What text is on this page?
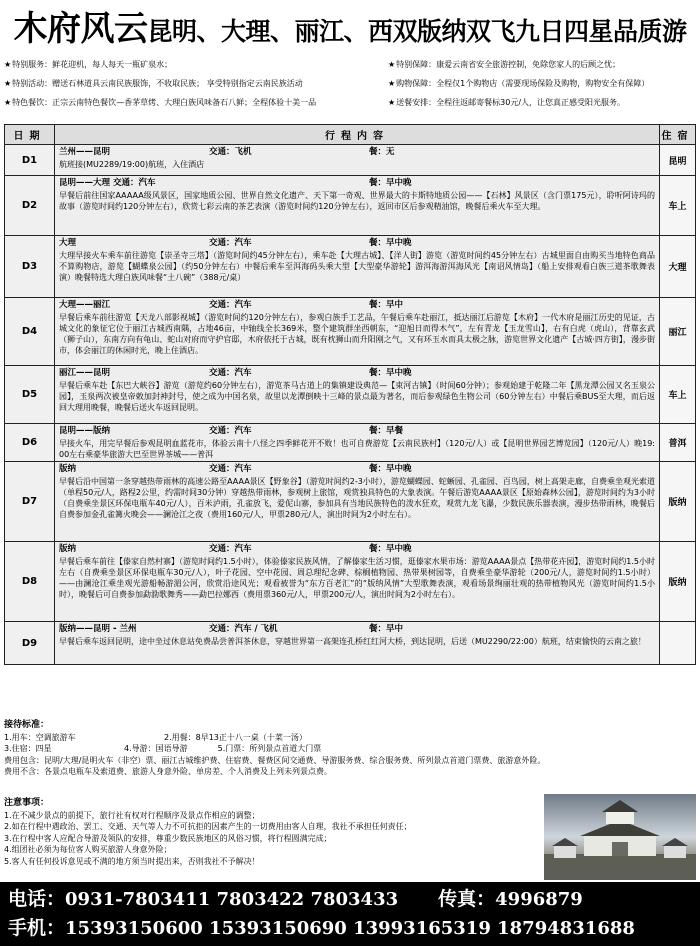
木府风云昆明、大理、丽江、西双版纳双飞九日四星品质游
★ 特别服务：鲜花迎机，每人每天一瓶矿泉水；
★ 特别活动：赠送石林道具云南民族服饰，不收取民族； 享受特别指定云南民族活动
★ 特色餐饮：正宗云南特色餐饮—香茅草烤、大理白族风味备石八鲜；全程体验十美一品
★ 特别保障：康爱云南省安全旅游控制，免除您家人的后顾之忧；
★ 购物保障：全程仅1个购物店（需要现场保险及购物，购物安全有保障）
★ 送餐安排：全程往返邮寄餐标30元/人，让您真正感受阳光服务。
日期	行程内容	住宿
D1	兰州——昆明 交通：飞机 餐：无
航班接(MU2289/19:00)航班，入住酒店	昆明
D2	昆明——大理 交通：汽车 餐：早中晚
早餐后前往国家AAAAA级风景区，国家地质公园、世界自然文化遗产、天下第一奇观、世界最大的卡斯特地质公园——【石林】风景区（含门票175元），聆听阿诗玛的故事（游览时间约120分钟左右），欣赏七彩云南的茶艺表演（游览时间约120分钟左右），返回市区后参观精油馆，晚餐后乘火车至大理。	车上
D3	大理 交通：汽车 餐：早中晚
大理早接火车乘车前往游览【崇圣寺三塔】（游览时间约45分钟左右），乘车赴【大理古城】、【洋人街】游览（游览时间约45分钟左右）古城里面自由购买当地特色商品不算购物店，游览【蝴蝶泉公园】（约50分钟左右）中餐后乘车至洱海码头乘大型【大型豪华游轮】游洱海游洱海风光【南诏风情岛】（船上安排观看白族三道茶歌舞表演）晚餐特选大理白族风味餐“土八碗”（388元/桌）	大理
D4	大理——丽江 交通：汽车 餐：早中
早餐后乘车前往游览【天龙八部影视城】（游览时间约120分钟左右），参观白族手工艺品，午餐后乘车赴丽江，抵达丽江后游览【木府】一代木府是丽江历史的见证，古城文化的象征它位于丽江古城西南隅，占地46亩，中轴线全长369米，整个建筑群坐西朝东，“迎旭日而得木气”，左有青龙【玉龙雪山】，右有白虎（虎山），背靠玄武（狮子山），东南方向有龟山、蛇山对府而守护官邸，木府依托于古城，既有枕狮山而升阳刚之气，又有环玉水而具太极之脉，游览世界文化遗产【古城·四方街】，漫步街市，体会丽江的休闲时光，晚上住酒店。	丽江
D5	丽江——昆明 交通：汽车 餐：早中晚
早餐后乘车赴【东巴大峡谷】游览（游览约60分钟左右），游览茶马古道上的集镇建设典范—【束河古镇】（时间60分钟）；参观始建于乾隆二年【黑龙潭公园又名玉泉公园】，玉泉两次被皇帝敕加封神封号，使之成为中国名泉，故里以龙潭倒映十三峰的景点最为著名，而后参观绿色生物公司（60分钟左右）中餐后乘BUS至大理，而后返回大理用晚餐，晚餐后送火车返回昆明。	车上
D6	昆明——版纳 交通：汽车 餐：早餐
早接火车，用完早餐后参观昆明血蓝花市，体验云南十八怪之四季鲜花开不败！也可自费游览【云南民族村】（120元/人）或【昆明世界园艺博览园】（120元/人）晚19:00左右乘豪华旅游大巴至世界茶城——普洱	普洱
D7	版纳 交通：汽车 餐：早中晚
早餐后沿中国第一条穿越热带雨林的高速公路至AAAA景区【野象谷】（游览时间约2-3小时），游览蝴蝶园、蛇蜥园、孔雀园、百鸟园，树上高架走廊，自费乘坐观光索道（单程50元/人，路程2公里，约需时间30分钟）穿越热带雨林，参观树上旅馆，观赏独具特色的大象表演。午餐后游览AAAA景区【原始森林公园】，游览时间约为3小时（自费乘坐景区环保电瓶车40元/人），百米泸雨，孔雀放飞，爱伲山寨，参加具有当地民族特色的泼水狂欢，观赏九龙飞瀑，少数民族乐器表演，漫步热带雨林，晚餐后自费参加金孔雀篝火晚会——澜沧江之夜（费用160元/人，甲票280元/人，演出时间为2小时左右）。	版纳
D8	版纳 交通：汽车 餐：早中晚
早餐后乘车前往【傣家自然村寨】（游览时间约1.5小时），体验傣家民族风情，了解傣家生活习惯，逛傣家水果市场：游览AAAA景点【热带花卉园】，游览时间约1.5小时左右（自费乘坐景区环保电瓶车30元/人），叶子花园、空中花园、周总理纪念碑、棕榈植物园、热带果树园等，自费乘坐豪华游轮（200元/人，游览时间约1.5小时）——由澜沧江乘坐观光游船畅游湄公河，欣赏沿途风光；观看被誉为“东方百老汇”的“版纳风情”大型歌舞表演，观看场景绚丽壮观的热带植物风光（游览时间约1.5小时），晚餐后可自费参加勐泐歌舞秀——勐巴拉娜西（费用票360元/人，甲票200元/人，演出时间为2小时左右）。	版纳
D9	版纳——昆明 - 兰州 交通：汽车 / 飞机 餐：早中
早餐后乘车返回昆明，途中坐过休息站免费品尝普洱茶休息，穿越世界第一高架连孔桥红红河大桥，到达昆明，后送（MU2290/22:00）航班，结束愉快的云南之旅！	

接待标准：
1.用车：空调旅游车	2.用餐：8早13正十八一桌（十菜一汤）
3.住宿：四星	4.导游：国语导游	5.门票：所列景点首道大门票
费用包含：昆明/大理/昆明火车（非空）票、丽江古城维护费、住宿费、餐费区间交通费、导游服务费、综合服务费、所列景点首道门票费、旅游意外险。
费用不含：各景点电瓶车及索道费、旅游人身意外险、单房差、个人消费及上列未列景点费。
注意事项：
1.在不减少景点的前提下，旅行社有权对行程顺序及景点作相应的调整；
2.如在行程中遇政治、罢工、交通、天气等人力不可抗拒的因素产生的一切费用由客人自理，我社不承担任何责任；
3.在行程中客人应配合导游及领队的安排，尊重少数民族地区的风俗习惯，将行程圆满完成；
4.组团社必须为每位客人购买旅游人身意外险；
5.客人有任何投诉意见或不满的地方须当时提出来，否则我社不予解决！
电话：0931-7803411 7803422 7803433 传真：4996879
手机：15393150600 15393150690 13993165319 18794831688
